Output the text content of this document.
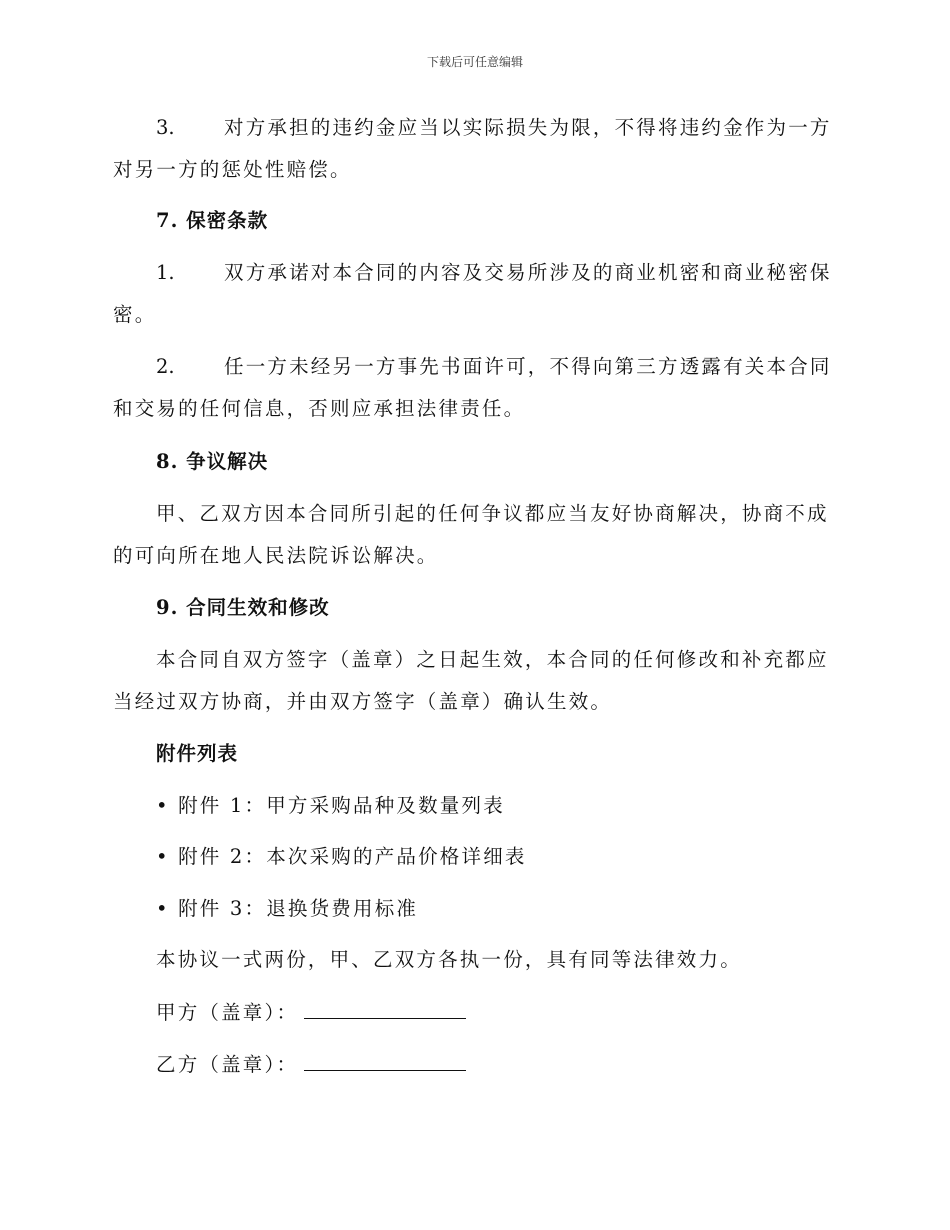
下载后可任意编辑
3.	对方承担的违约金应当以实际损失为限，不得将违约金作为一方
对另一方的惩处性赔偿。
7. 保密条款
1.	双方承诺对本合同的内容及交易所涉及的商业机密和商业秘密保
密。
2.	任一方未经另一方事先书面许可，不得向第三方透露有关本合同
和交易的任何信息，否则应承担法律责任。
8. 争议解决
甲、乙双方因本合同所引起的任何争议都应当友好协商解决，协商不成
的可向所在地人民法院诉讼解决。
9. 合同生效和修改
本合同自双方签字（盖章）之日起生效，本合同的任何修改和补充都应
当经过双方协商，并由双方签字（盖章）确认生效。
附件列表
• 附件 1：甲方采购品种及数量列表
• 附件 2：本次采购的产品价格详细表
• 附件 3：退换货费用标准
本协议一式两份，甲、乙双方各执一份，具有同等法律效力。
甲方（盖章）：
乙方（盖章）：
